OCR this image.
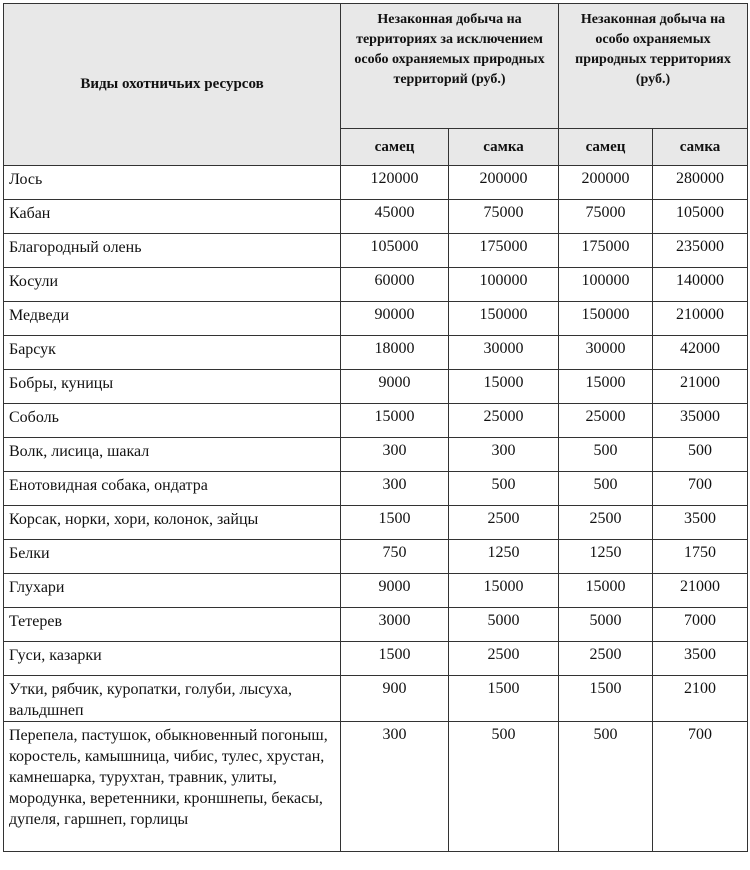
Виды охотничьих ресурсов	Незаконная добыча на территориях за исключением особо охраняемых природных территорий (руб.)		Незаконная добыча на особо охраняемых природных территориях (руб.)	
	самец	самка	самец	самка
Лось	120000	200000	200000	280000
Кабан	45000	75000	75000	105000
Благородный олень	105000	175000	175000	235000
Косули	60000	100000	100000	140000
Медведи	90000	150000	150000	210000
Барсук	18000	30000	30000	42000
Бобры, куницы	9000	15000	15000	21000
Соболь	15000	25000	25000	35000
Волк, лисица, шакал	300	300	500	500
Енотовидная собака, ондатра	300	500	500	700
Корсак, норки, хори, колонок, зайцы	1500	2500	2500	3500
Белки	750	1250	1250	1750
Глухари	9000	15000	15000	21000
Тетерев	3000	5000	5000	7000
Гуси, казарки	1500	2500	2500	3500
Утки, рябчик, куропатки, голуби, лысуха, вальдшнеп	900	1500	1500	2100
Перепела, пастушок, обыкновенный погоныш, коростель, камышница, чибис, тулес, хрустан, камнешарка, турухтан, травник, улиты, мородунка, веретенники, кроншнепы, бекасы, дупеля, гаршнеп, горлицы	300	500	500	700
